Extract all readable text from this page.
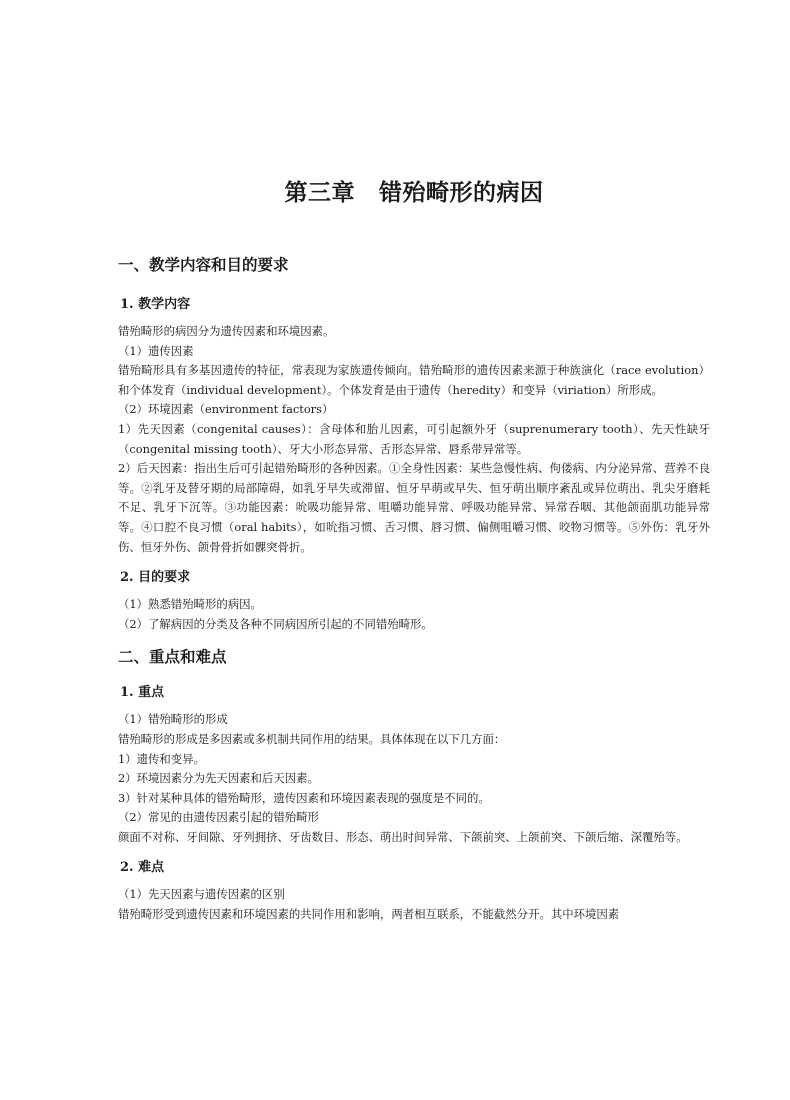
第三章 错殆畸形的病因
一、教学内容和目的要求
1. 教学内容

错殆畸形的病因分为遗传因素和环境因素。

（1）遗传因素

错殆畸形具有多基因遗传的特征，常表现为家族遗传倾向。错殆畸形的遗传因素来源于种族演化（race evolution）和个体发育（individual development）。个体发育是由于遗传（heredity）和变异（viriation）所形成。

（2）环境因素（environment factors）

1）先天因素（congenital causes）：含母体和胎儿因素，可引起额外牙（suprenumerary tooth）、先天性缺牙（congenital missing tooth）、牙大小形态异常、舌形态异常、唇系带异常等。

2）后天因素：指出生后可引起错殆畸形的各种因素。①全身性因素：某些急慢性病、佝偻病、内分泌异常、营养不良等。②乳牙及替牙期的局部障碍，如乳牙早失或滞留、恒牙早萌或早失、恒牙萌出顺序紊乱或异位萌出、乳尖牙磨耗不足、乳牙下沉等。③功能因素：吮吸功能异常、咀嚼功能异常、呼吸功能异常、异常吞咽、其他颌面肌功能异常等。④口腔不良习惯（oral habits），如吮指习惯、舌习惯、唇习惯、偏侧咀嚼习惯、咬物习惯等。⑤外伤：乳牙外伤、恒牙外伤、颌骨骨折如髁突骨折。

2. 目的要求

（1）熟悉错殆畸形的病因。

（2）了解病因的分类及各种不同病因所引起的不同错殆畸形。

二、重点和难点
1. 重点

（1）错殆畸形的形成

错殆畸形的形成是多因素或多机制共同作用的结果。具体体现在以下几方面：

1）遗传和变异。

2）环境因素分为先天因素和后天因素。

3）针对某种具体的错殆畸形，遗传因素和环境因素表现的强度是不同的。

（2）常见的由遗传因素引起的错殆畸形

颜面不对称、牙间隙、牙列拥挤、牙齿数目、形态、萌出时间异常、下颌前突、上颌前突、下颌后缩、深覆殆等。

2. 难点

（1）先天因素与遗传因素的区别

错殆畸形受到遗传因素和环境因素的共同作用和影响，两者相互联系，不能截然分开。其中环境因素
